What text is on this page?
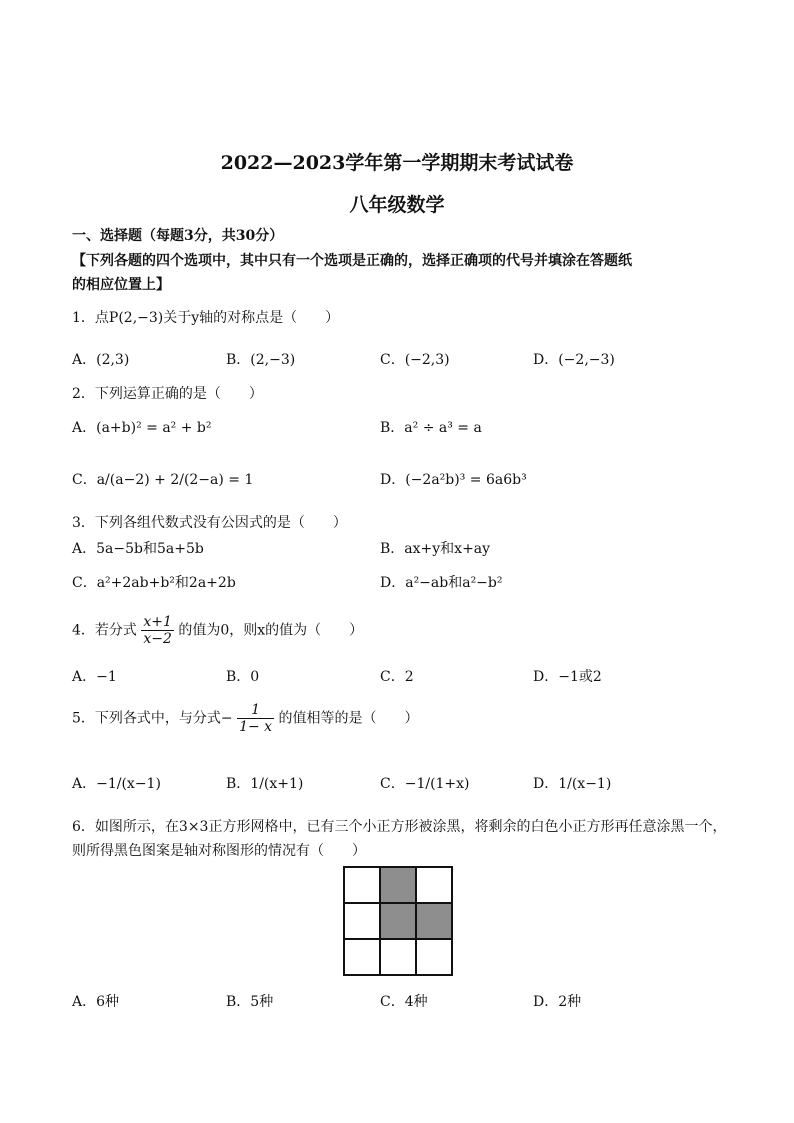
2022—2023学年第一学期期末考试试卷
八年级数学
一、选择题（每题3分，共30分）
【下列各题的四个选项中，其中只有一个选项是正确的，选择正确项的代号并填涂在答题纸
的相应位置上】
1．点P(2,−3)关于y轴的对称点是（　　）
A．(2,3)	B．(2,−3)	C．(−2,3)	D．(−2,−3)
2．下列运算正确的是（　　）
A．(a+b)² = a² + b²	B．a² ÷ a³ = a
C．a/(a−2) + 2/(2−a) = 1	D．(−2a²b)³ = 6a6b³
3．下列各组代数式没有公因式的是（　　）
A．5a−5b和5a+5b	B．ax+y和x+ay
C．a²+2ab+b²和2a+2b	D．a²−ab和a²−b²
4．若分式 $\frac{x+1}{x-2}$ 的值为0，则x的值为（　　）
A．−1	B．0	C．2	D．−1或2
5．下列各式中，与分式− $\frac{1}{1- x}$ 的值相等的是（　　）
A．−1/(x−1)	B．1/(x+1)	C．−1/(1+x)	D．1/(x−1)
6．如图所示，在3×3正方形网格中，已有三个小正方形被涂黑，将剩余的白色小正方形再任意涂黑一个，
则所得黑色图案是轴对称图形的情况有（　　）
A．6种	B．5种	C．4种	D．2种
